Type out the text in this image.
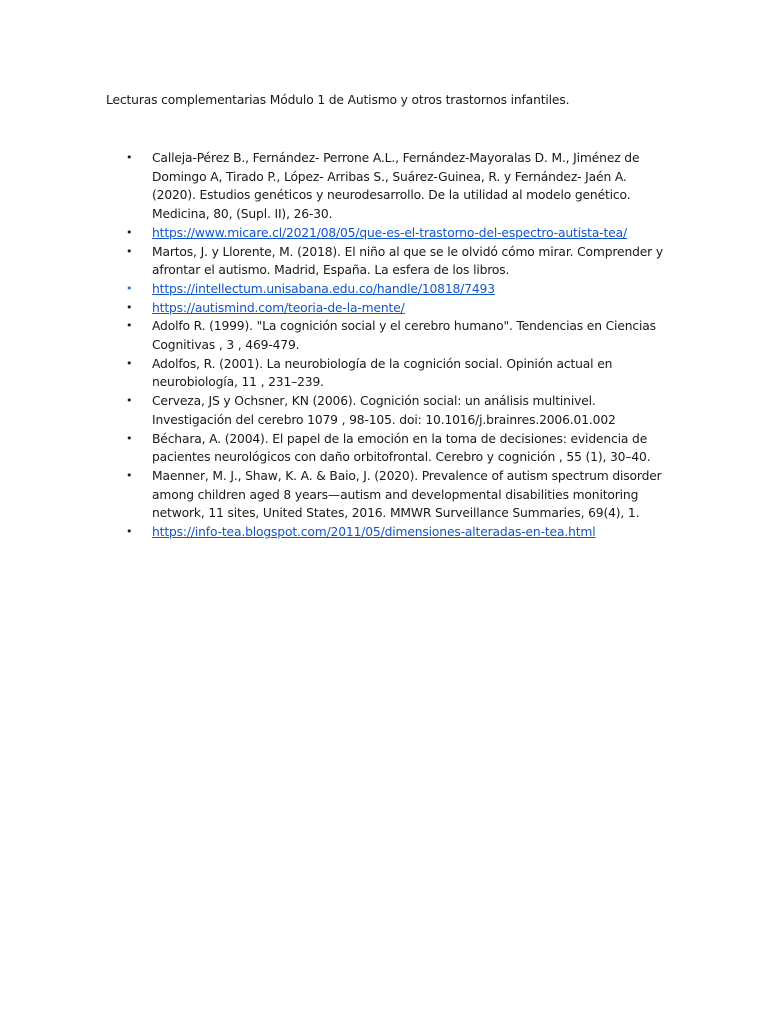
Lecturas complementarias Módulo 1 de Autismo y otros trastornos infantiles.
•	Calleja-Pérez B., Fernández- Perrone A.L., Fernández-Mayoralas D. M., Jiménez de Domingo A, Tirado P., López- Arribas S., Suárez-Guinea, R. y Fernández- Jaén A. (2020). Estudios genéticos y neurodesarrollo. De la utilidad al modelo genético. Medicina, 80, (Supl. II), 26-30.
•	https://www.micare.cl/2021/08/05/que-es-el-trastorno-del-espectro-autista-tea/
•	Martos, J. y Llorente, M. (2018). El niño al que se le olvidó cómo mirar. Comprender y afrontar el autismo. Madrid, España. La esfera de los libros.
•	https://intellectum.unisabana.edu.co/handle/10818/7493
•	https://autismind.com/teoria-de-la-mente/
•	Adolfo R. (1999). "La cognición social y el cerebro humano". Tendencias en Ciencias Cognitivas , 3 , 469-479.
•	Adolfos, R. (2001). La neurobiología de la cognición social. Opinión actual en neurobiología, 11 , 231–239.
•	Cerveza, JS y Ochsner, KN (2006). Cognición social: un análisis multinivel. Investigación del cerebro 1079 , 98-105. doi: 10.1016/j.brainres.2006.01.002
•	Béchara, A. (2004). El papel de la emoción en la toma de decisiones: evidencia de pacientes neurológicos con daño orbitofrontal. Cerebro y cognición , 55 (1), 30–40.
•	Maenner, M. J., Shaw, K. A. & Baio, J. (2020). Prevalence of autism spectrum disorder among children aged 8 years—autism and developmental disabilities monitoring network, 11 sites, United States, 2016. MMWR Surveillance Summaries, 69(4), 1.
•	https://info-tea.blogspot.com/2011/05/dimensiones-alteradas-en-tea.html
